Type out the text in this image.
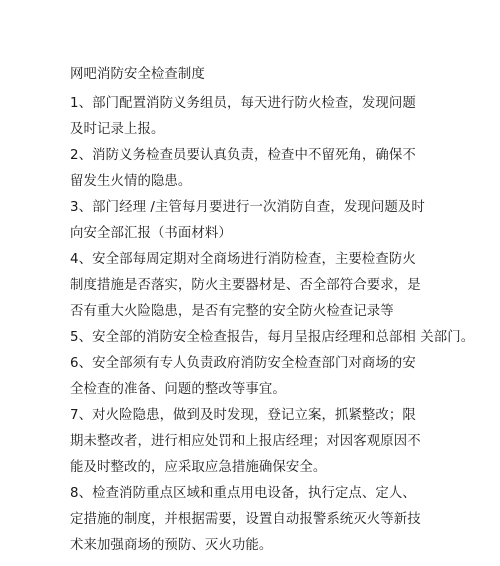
网吧消防安全检查制度
1、部门配置消防义务组员，每天进行防火检查，发现问题
及时记录上报。
2、消防义务检查员要认真负责，检查中不留死角，确保不
留发生火情的隐患。
3、部门经理 /主管每月要进行一次消防自查，发现问题及时
向安全部汇报（书面材料）
4、安全部每周定期对全商场进行消防检查，主要检查防火
制度措施是否落实，防火主要器材是、否全部符合要求，是
否有重大火险隐患，是否有完整的安全防火检查记录等
5、安全部的消防安全检查报告，每月呈报店经理和总部相 关部门。
6、安全部须有专人负责政府消防安全检查部门对商场的安
全检查的准备、问题的整改等事宜。
7、对火险隐患，做到及时发现，登记立案，抓紧整改；限
期未整改者，进行相应处罚和上报店经理；对因客观原因不
能及时整改的，应采取应急措施确保安全。
8、检查消防重点区域和重点用电设备，执行定点、定人、
定措施的制度，并根据需要，设置自动报警系统灭火等新技
术来加强商场的预防、灭火功能。
